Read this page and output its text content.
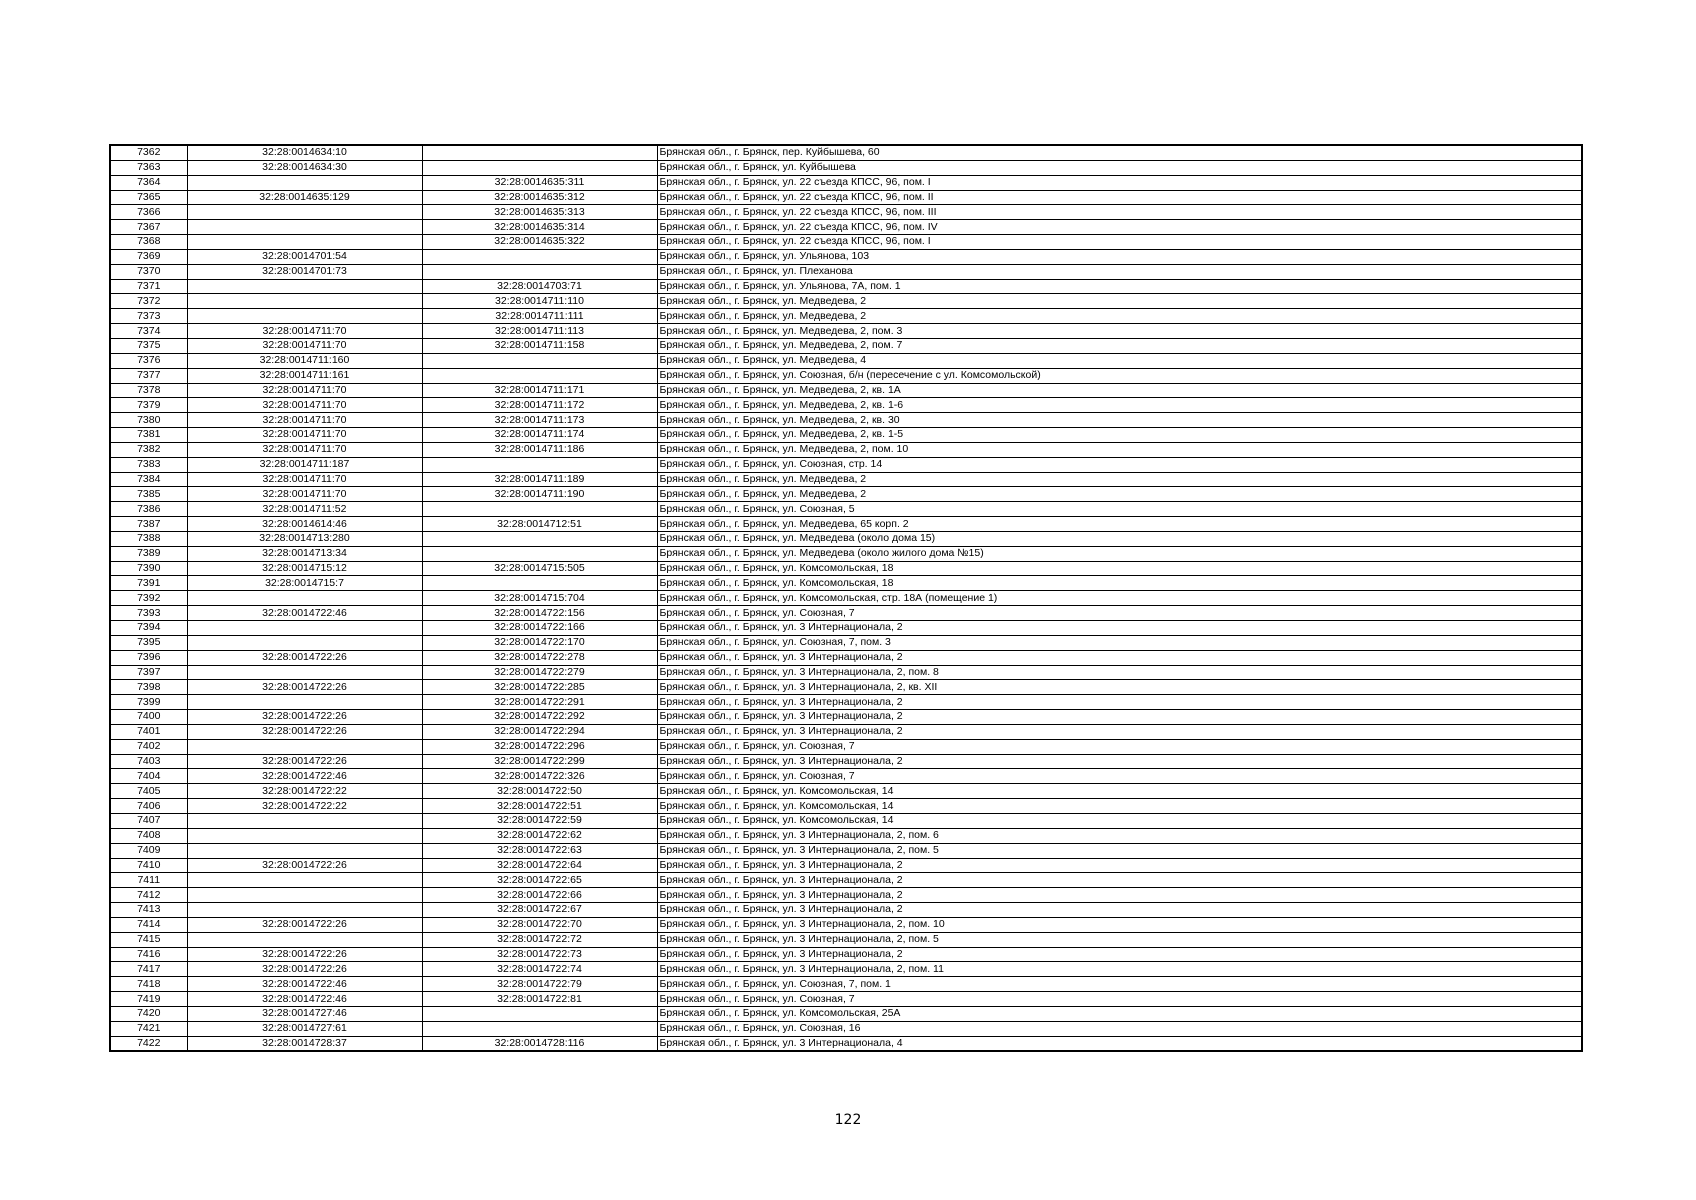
7362	32:28:0014634:10		Брянская обл., г. Брянск, пер. Куйбышева, 60
7363	32:28:0014634:30		Брянская обл., г. Брянск, ул. Куйбышева
7364		32:28:0014635:311	Брянская обл., г. Брянск, ул. 22 съезда КПСС, 96, пом. I
7365	32:28:0014635:129	32:28:0014635:312	Брянская обл., г. Брянск, ул. 22 съезда КПСС, 96, пом. II
7366		32:28:0014635:313	Брянская обл., г. Брянск, ул. 22 съезда КПСС, 96, пом. III
7367		32:28:0014635:314	Брянская обл., г. Брянск, ул. 22 съезда КПСС, 96, пом. IV
7368		32:28:0014635:322	Брянская обл., г. Брянск, ул. 22 съезда КПСС, 96, пом. I
7369	32:28:0014701:54		Брянская обл., г. Брянск, ул. Ульянова, 103
7370	32:28:0014701:73		Брянская обл., г. Брянск, ул. Плеханова
7371		32:28:0014703:71	Брянская обл., г. Брянск, ул. Ульянова, 7А, пом. 1
7372		32:28:0014711:110	Брянская обл., г. Брянск, ул. Медведева, 2
7373		32:28:0014711:111	Брянская обл., г. Брянск, ул. Медведева, 2
7374	32:28:0014711:70	32:28:0014711:113	Брянская обл., г. Брянск, ул. Медведева, 2, пом. 3
7375	32:28:0014711:70	32:28:0014711:158	Брянская обл., г. Брянск, ул. Медведева, 2, пом. 7
7376	32:28:0014711:160		Брянская обл., г. Брянск, ул. Медведева, 4
7377	32:28:0014711:161		Брянская обл., г. Брянск, ул. Союзная, б/н (пересечение с ул. Комсомольской)
7378	32:28:0014711:70	32:28:0014711:171	Брянская обл., г. Брянск, ул. Медведева, 2, кв. 1А
7379	32:28:0014711:70	32:28:0014711:172	Брянская обл., г. Брянск, ул. Медведева, 2, кв. 1-6
7380	32:28:0014711:70	32:28:0014711:173	Брянская обл., г. Брянск, ул. Медведева, 2, кв. 30
7381	32:28:0014711:70	32:28:0014711:174	Брянская обл., г. Брянск, ул. Медведева, 2, кв. 1-5
7382	32:28:0014711:70	32:28:0014711:186	Брянская обл., г. Брянск, ул. Медведева, 2, пом. 10
7383	32:28:0014711:187		Брянская обл., г. Брянск, ул. Союзная, стр. 14
7384	32:28:0014711:70	32:28:0014711:189	Брянская обл., г. Брянск, ул. Медведева, 2
7385	32:28:0014711:70	32:28:0014711:190	Брянская обл., г. Брянск, ул. Медведева, 2
7386	32:28:0014711:52		Брянская обл., г. Брянск, ул. Союзная, 5
7387	32:28:0014614:46	32:28:0014712:51	Брянская обл., г. Брянск, ул. Медведева, 65 корп. 2
7388	32:28:0014713:280		Брянская обл., г. Брянск, ул. Медведева (около дома 15)
7389	32:28:0014713:34		Брянская обл., г. Брянск, ул. Медведева (около жилого дома №15)
7390	32:28:0014715:12	32:28:0014715:505	Брянская обл., г. Брянск, ул. Комсомольская, 18
7391	32:28:0014715:7		Брянская обл., г. Брянск, ул. Комсомольская, 18
7392		32:28:0014715:704	Брянская обл., г. Брянск, ул. Комсомольская, стр. 18А (помещение 1)
7393	32:28:0014722:46	32:28:0014722:156	Брянская обл., г. Брянск, ул. Союзная, 7
7394		32:28:0014722:166	Брянская обл., г. Брянск, ул. 3 Интернационала, 2
7395		32:28:0014722:170	Брянская обл., г. Брянск, ул. Союзная, 7, пом. 3
7396	32:28:0014722:26	32:28:0014722:278	Брянская обл., г. Брянск, ул. 3 Интернационала, 2
7397		32:28:0014722:279	Брянская обл., г. Брянск, ул. 3 Интернационала, 2, пом. 8
7398	32:28:0014722:26	32:28:0014722:285	Брянская обл., г. Брянск, ул. 3 Интернационала, 2, кв. XII
7399		32:28:0014722:291	Брянская обл., г. Брянск, ул. 3 Интернационала, 2
7400	32:28:0014722:26	32:28:0014722:292	Брянская обл., г. Брянск, ул. 3 Интернационала, 2
7401	32:28:0014722:26	32:28:0014722:294	Брянская обл., г. Брянск, ул. 3 Интернационала, 2
7402		32:28:0014722:296	Брянская обл., г. Брянск, ул. Союзная, 7
7403	32:28:0014722:26	32:28:0014722:299	Брянская обл., г. Брянск, ул. 3 Интернационала, 2
7404	32:28:0014722:46	32:28:0014722:326	Брянская обл., г. Брянск, ул. Союзная, 7
7405	32:28:0014722:22	32:28:0014722:50	Брянская обл., г. Брянск, ул. Комсомольская, 14
7406	32:28:0014722:22	32:28:0014722:51	Брянская обл., г. Брянск, ул. Комсомольская, 14
7407		32:28:0014722:59	Брянская обл., г. Брянск, ул. Комсомольская, 14
7408		32:28:0014722:62	Брянская обл., г. Брянск, ул. 3 Интернационала, 2, пом. 6
7409		32:28:0014722:63	Брянская обл., г. Брянск, ул. 3 Интернационала, 2, пом. 5
7410	32:28:0014722:26	32:28:0014722:64	Брянская обл., г. Брянск, ул. 3 Интернационала, 2
7411		32:28:0014722:65	Брянская обл., г. Брянск, ул. 3 Интернационала, 2
7412		32:28:0014722:66	Брянская обл., г. Брянск, ул. 3 Интернационала, 2
7413		32:28:0014722:67	Брянская обл., г. Брянск, ул. 3 Интернационала, 2
7414	32:28:0014722:26	32:28:0014722:70	Брянская обл., г. Брянск, ул. 3 Интернационала, 2, пом. 10
7415		32:28:0014722:72	Брянская обл., г. Брянск, ул. 3 Интернационала, 2, пом. 5
7416	32:28:0014722:26	32:28:0014722:73	Брянская обл., г. Брянск, ул. 3 Интернационала, 2
7417	32:28:0014722:26	32:28:0014722:74	Брянская обл., г. Брянск, ул. 3 Интернационала, 2, пом. 11
7418	32:28:0014722:46	32:28:0014722:79	Брянская обл., г. Брянск, ул. Союзная, 7, пом. 1
7419	32:28:0014722:46	32:28:0014722:81	Брянская обл., г. Брянск, ул. Союзная, 7
7420	32:28:0014727:46		Брянская обл., г. Брянск, ул. Комсомольская, 25А
7421	32:28:0014727:61		Брянская обл., г. Брянск, ул. Союзная, 16
7422	32:28:0014728:37	32:28:0014728:116	Брянская обл., г. Брянск, ул. 3 Интернационала, 4
122
